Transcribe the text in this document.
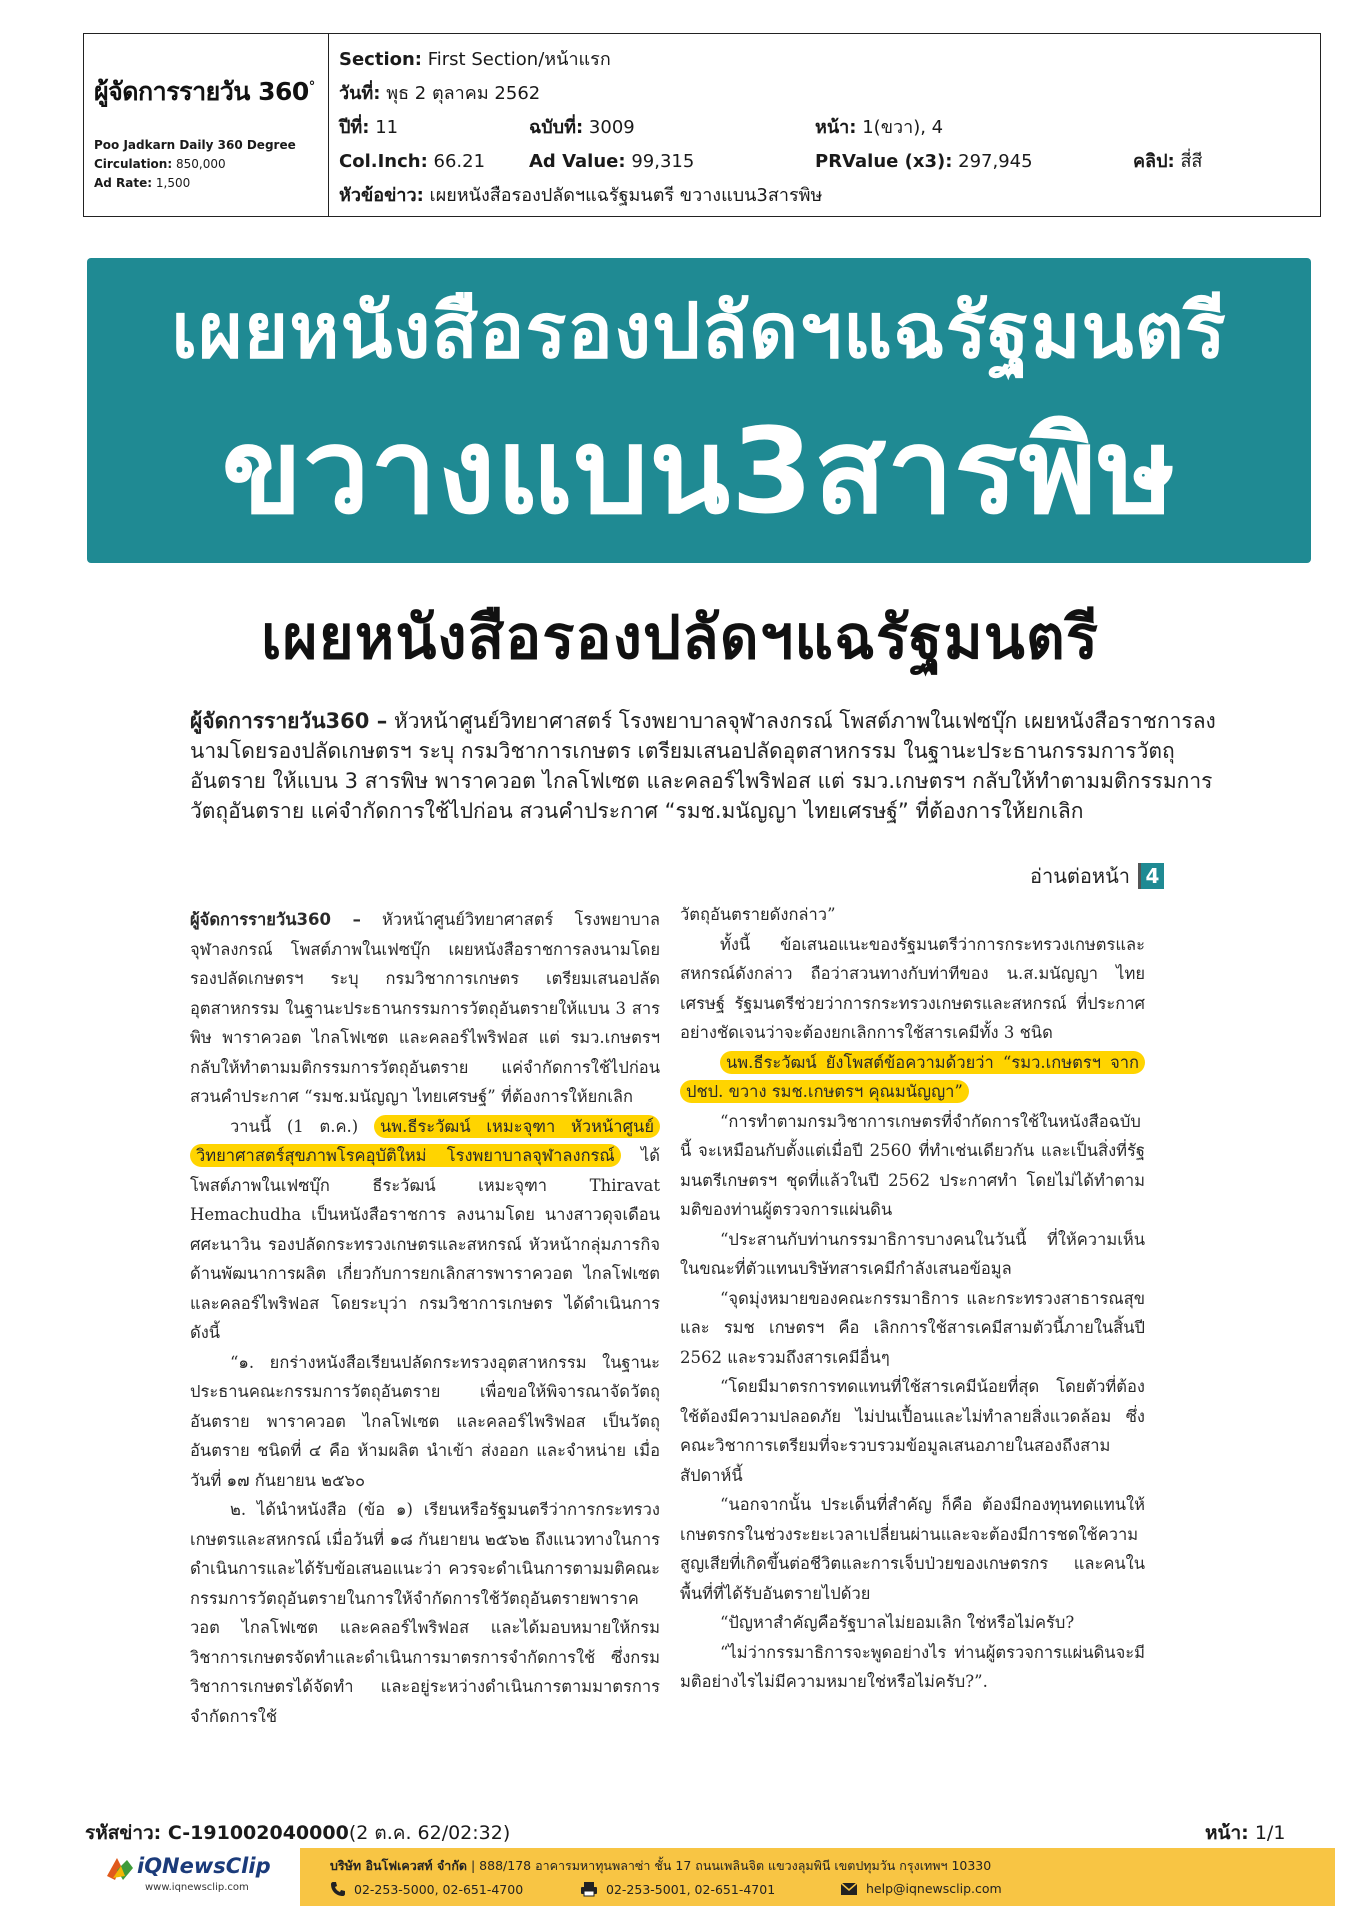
ผู้จัดการรายวัน 360°
Poo Jadkarn Daily 360 Degree
Circulation: 850,000
Ad Rate: 1,500
Section: First Section/หน้าแรก
วันที่: พุธ 2 ตุลาคม 2562
ปีที่: 11	ฉบับที่: 3009	หน้า: 1(ขวา), 4
Col.Inch: 66.21 Ad Value: 99,315	PRValue (x3): 297,945	คลิป: สี่สี
หัวข้อข่าว: เผยหนังสือรองปลัดฯแฉรัฐมนตรี ขวางแบน3สารพิษ
เผยหนังสือรองปลัดฯแฉรัฐมนตรี
ขวางแบน3สารพิษ
เผยหนังสือรองปลัดฯแฉรัฐมนตรี
ผู้จัดการรายวัน360 – หัวหน้าศูนย์วิทยาศาสตร์ โรงพยาบาลจุฬาลงกรณ์ โพสต์ภาพในเฟซบุ๊ก เผยหนังสือราชการลงนามโดยรองปลัดเกษตรฯ ระบุ กรมวิชาการเกษตร เตรียมเสนอปลัดอุตสาหกรรม ในฐานะประธานกรรมการวัตถุอันตราย ให้แบน 3 สารพิษ พาราควอต ไกลโฟเซต และคลอร์ไพริฟอส แต่ รมว.เกษตรฯ กลับให้ทำตามมติกรรมการวัตถุอันตราย แค่จำกัดการใช้ไปก่อน สวนคำประกาศ “รมช.มนัญญา ไทยเศรษฐ์” ที่ต้องการให้ยกเลิก
อ่านต่อหน้า 4

ผู้จัดการรายวัน360 – หัวหน้าศูนย์วิทยาศาสตร์ โรงพยาบาลจุฬาลงกรณ์ โพสต์ภาพในเฟซบุ๊ก เผยหนังสือราชการลงนามโดยรองปลัดเกษตรฯ ระบุ กรมวิชาการเกษตร เตรียมเสนอปลัดอุตสาหกรรม ในฐานะประธานกรรมการวัตถุอันตรายให้แบน 3 สารพิษ พาราควอต ไกลโฟเซต และคลอร์ไพริฟอส แต่ รมว.เกษตรฯ กลับให้ทำตามมติกรรมการวัตถุอันตราย แค่จำกัดการใช้ไปก่อน สวนคำประกาศ “รมช.มนัญญา ไทยเศรษฐ์” ที่ต้องการให้ยกเลิก

วานนี้ (1 ต.ค.) นพ.ธีระวัฒน์ เหมะจุฑา หัวหน้าศูนย์วิทยาศาสตร์สุขภาพโรคอุบัติใหม่ โรงพยาบาลจุฬาลงกรณ์ ได้โพสต์ภาพในเฟซบุ๊ก ธีระวัฒน์ เหมะจุฑา Thiravat Hemachudha เป็นหนังสือราชการ ลงนามโดย นางสาวดุจเดือน ศศะนาวิน รองปลัดกระทรวงเกษตรและสหกรณ์ หัวหน้ากลุ่มภารกิจด้านพัฒนาการผลิต เกี่ยวกับการยกเลิกสารพาราควอต ไกลโฟเซต และคลอร์ไพริฟอส โดยระบุว่า กรมวิชาการเกษตร ได้ดำเนินการ ดังนี้

“๑. ยกร่างหนังสือเรียนปลัดกระทรวงอุตสาหกรรม ในฐานะประธานคณะกรรมการวัตถุอันตราย เพื่อขอให้พิจารณาจัดวัตถุอันตราย พาราควอต ไกลโฟเซต และคลอร์ไพริฟอส เป็นวัตถุอันตราย ชนิดที่ ๔ คือ ห้ามผลิต นำเข้า ส่งออก และจำหน่าย เมื่อวันที่ ๑๗ กันยายน ๒๕๖๐

๒. ได้นำหนังสือ (ข้อ ๑) เรียนหรือรัฐมนตรีว่าการกระทรวงเกษตรและสหกรณ์ เมื่อวันที่ ๑๘ กันยายน ๒๕๖๒ ถึงแนวทางในการดำเนินการและได้รับข้อเสนอแนะว่า ควรจะดำเนินการตามมติคณะกรรมการวัตถุอันตรายในการให้จำกัดการใช้วัตถุอันตรายพาราควอต ไกลโฟเซต และคลอร์ไพริฟอส และได้มอบหมายให้กรมวิชาการเกษตรจัดทำและดำเนินการมาตรการจำกัดการใช้ ซึ่งกรมวิชาการเกษตรได้จัดทำ และอยู่ระหว่างดำเนินการตามมาตรการจำกัดการใช้

วัตถุอันตรายดังกล่าว”

ทั้งนี้ ข้อเสนอแนะของรัฐมนตรีว่าการกระทรวงเกษตรและสหกรณ์ดังกล่าว ถือว่าสวนทางกับท่าทีของ น.ส.มนัญญา ไทยเศรษฐ์ รัฐมนตรีช่วยว่าการกระทรวงเกษตรและสหกรณ์ ที่ประกาศอย่างชัดเจนว่าจะต้องยกเลิกการใช้สารเคมีทั้ง 3 ชนิด

นพ.ธีระวัฒน์ ยังโพสต์ข้อความด้วยว่า “รมว.เกษตรฯ จาก ปชป. ขวาง รมช.เกษตรฯ คุณมนัญญา”

“การทำตามกรมวิชาการเกษตรที่จำกัดการใช้ในหนังสือฉบับนี้ จะเหมือนกับตั้งแต่เมื่อปี 2560 ที่ทำเช่นเดียวกัน และเป็นสิ่งที่รัฐมนตรีเกษตรฯ ชุดที่แล้วในปี 2562 ประกาศทำ โดยไม่ได้ทำตามมติของท่านผู้ตรวจการแผ่นดิน

“ประสานกับท่านกรรมาธิการบางคนในวันนี้ ที่ให้ความเห็นในขณะที่ตัวแทนบริษัทสารเคมีกำลังเสนอข้อมูล

“จุดมุ่งหมายของคณะกรรมาธิการ และกระทรวงสาธารณสุข และ รมช เกษตรฯ คือ เลิกการใช้สารเคมีสามตัวนี้ภายในสิ้นปี 2562 และรวมถึงสารเคมีอื่นๆ

“โดยมีมาตรการทดแทนที่ใช้สารเคมีน้อยที่สุด โดยตัวที่ต้องใช้ต้องมีความปลอดภัย ไม่ปนเปื้อนและไม่ทำลายสิ่งแวดล้อม ซึ่งคณะวิชาการเตรียมที่จะรวบรวมข้อมูลเสนอภายในสองถึงสามสัปดาห์นี้

“นอกจากนั้น ประเด็นที่สำคัญ ก็คือ ต้องมีกองทุนทดแทนให้เกษตรกรในช่วงระยะเวลาเปลี่ยนผ่านและจะต้องมีการชดใช้ความสูญเสียที่เกิดขึ้นต่อชีวิตและการเจ็บป่วยของเกษตรกร และคนในพื้นที่ที่ได้รับอันตรายไปด้วย

“ปัญหาสำคัญคือรัฐบาลไม่ยอมเลิก ใช่หรือไม่ครับ?

“ไม่ว่ากรรมาธิการจะพูดอย่างไร ท่านผู้ตรวจการแผ่นดินจะมีมติอย่างไรไม่มีความหมายใช่หรือไม่ครับ?”.

รหัสข่าว: C-191002040000(2 ต.ค. 62/02:32)	หน้า: 1/1
iQNewsClip
www.iqnewsclip.com
บริษัท อินโฟเควสท์ จำกัด | 888/178 อาคารมหาทุนพลาซ่า ชั้น 17 ถนนเพลินจิต แขวงลุมพินี เขตปทุมวัน กรุงเทพฯ 10330
02-253-5000, 02-651-4700	02-253-5001, 02-651-4701	help@iqnewsclip.com
